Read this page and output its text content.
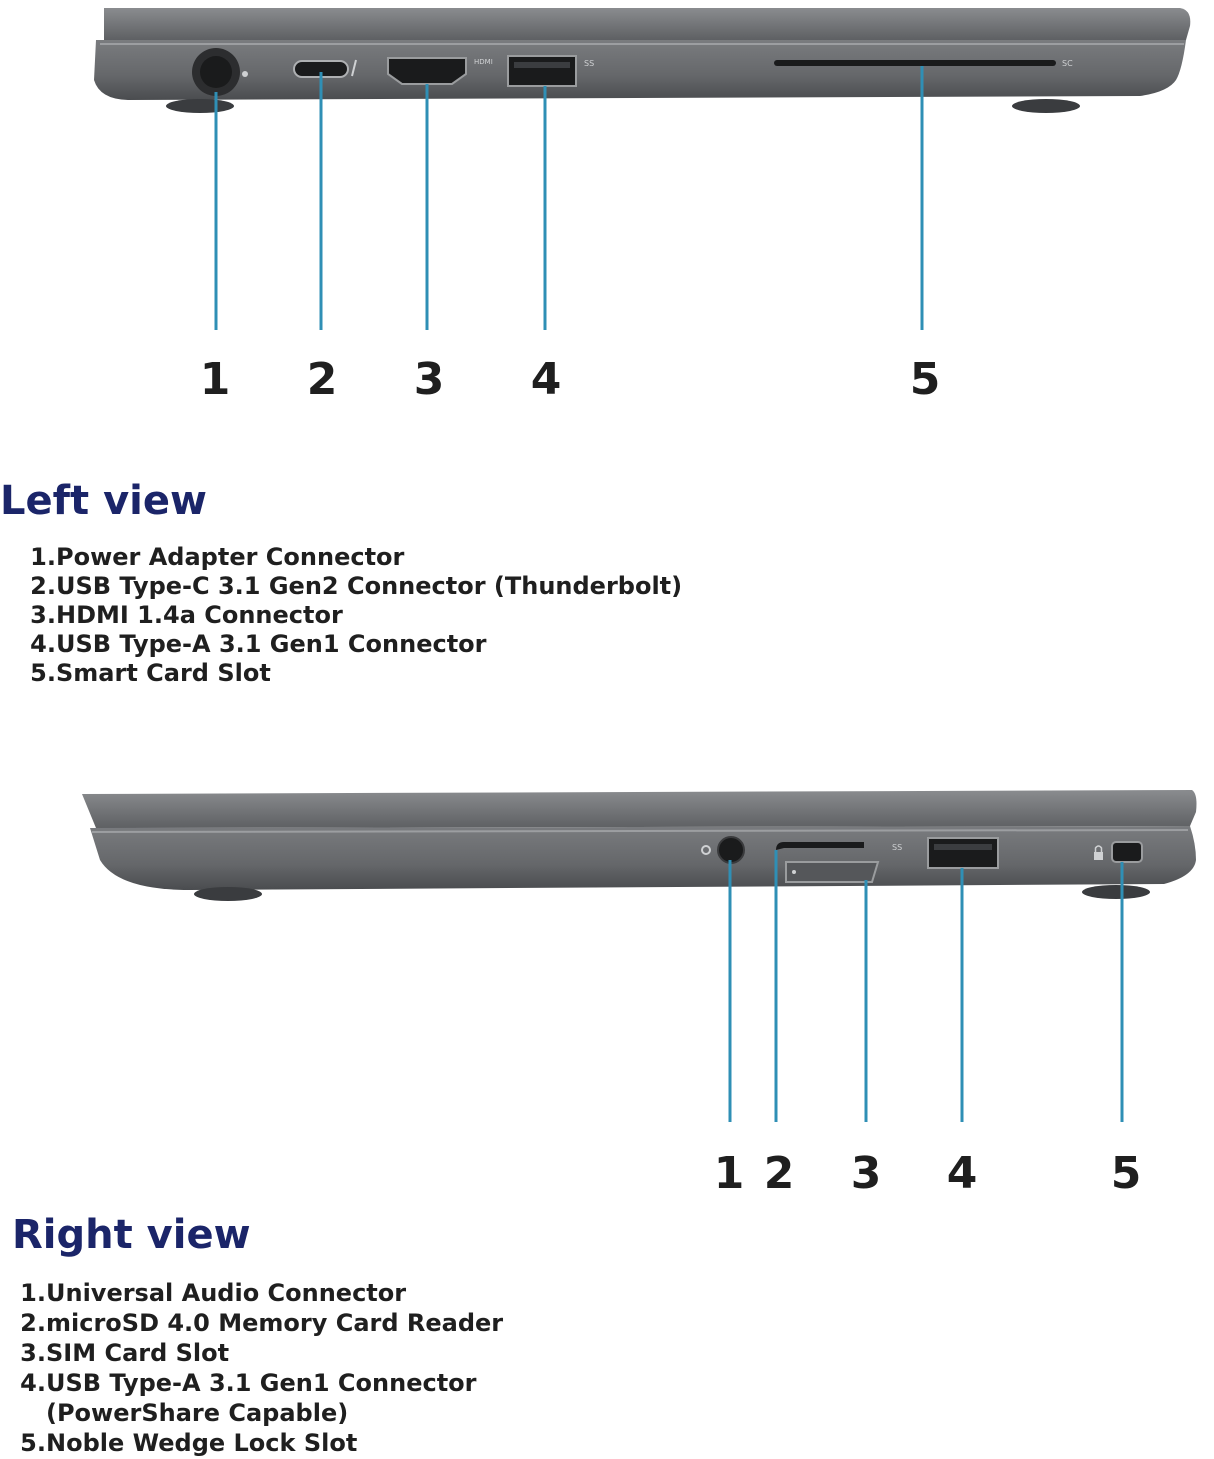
HDMI	SS	SC
1 2 3 4	5
Left view
1. Power Adapter Connector
2. USB Type-C 3.1 Gen2 Connector (Thunderbolt)
3. HDMI 1.4a Connector
4. USB Type-A 3.1 Gen1 Connector
5. Smart Card Slot
SS
1 2 3 4	5
Right view
1. Universal Audio Connector
2. microSD 4.0 Memory Card Reader
3. SIM Card Slot
4. USB Type-A 3.1 Gen1 Connector
(PowerShare Capable)
5. Noble Wedge Lock Slot
